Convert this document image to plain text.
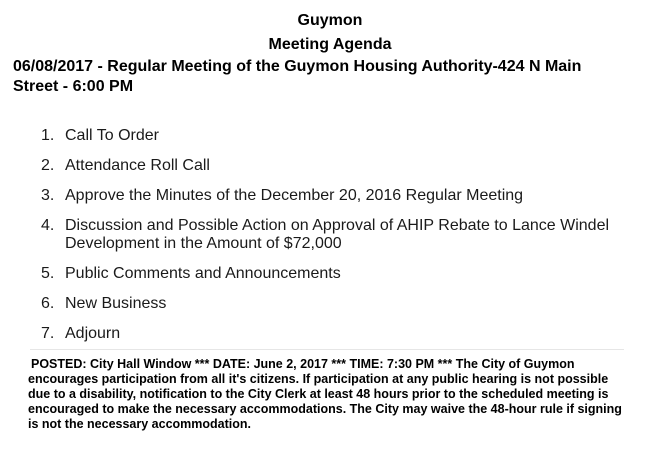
Guymon
Meeting Agenda
06/08/2017 - Regular Meeting of the Guymon Housing Authority-424 N Main Street - 6:00 PM
1. Call To Order
2. Attendance Roll Call
3. Approve the Minutes of the December 20, 2016 Regular Meeting
4. Discussion and Possible Action on Approval of AHIP Rebate to Lance Windel Development in the Amount of $72,000
5. Public Comments and Announcements
6. New Business
7. Adjourn

POSTED: City Hall Window *** DATE: June 2, 2017 *** TIME: 7:30 PM *** The City of Guymon encourages participation from all it's citizens. If participation at any public hearing is not possible due to a disability, notification to the City Clerk at least 48 hours prior to the scheduled meeting is encouraged to make the necessary accommodations. The City may waive the 48-hour rule if signing is not the necessary accommodation.
